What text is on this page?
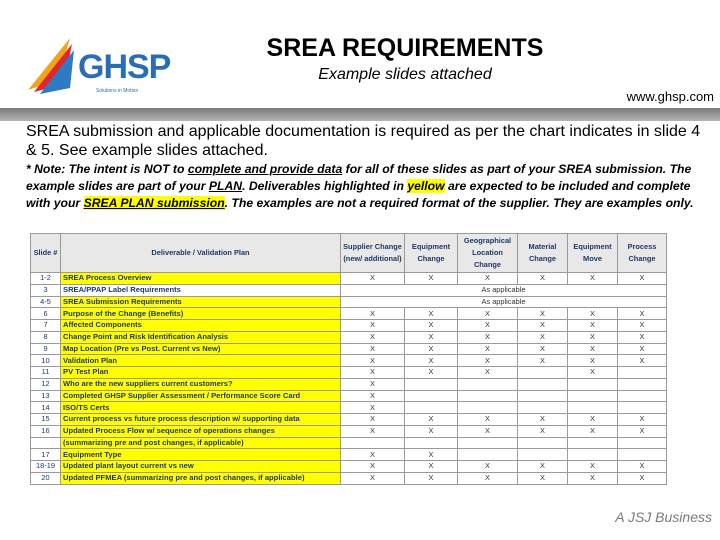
GHSP
Solutions in Motion
SREA REQUIREMENTS
Example slides attached
www.ghsp.com
SREA submission and applicable documentation is required as per the chart indicates in slide 4 & 5. See example slides attached.
* Note: The intent is NOT to complete and provide data for all of these slides as part of your SREA submission. The example slides are part of your PLAN. Deliverables highlighted in yellow are expected to be included and complete with your SREA PLAN submission. The examples are not a required format of the supplier. They are examples only.
Slide #	Deliverable / Validation Plan	Supplier Change (new/ additional)	Equipment Change	Geographical Location Change	Material Change	Equipment Move	Process Change
1-2	SREA Process Overview	X	X	X	X	X	X
3	SREA/PPAP Label Requirements	As applicable					
4-5	SREA Submission Requirements	As applicable					
6	Purpose of the Change (Benefits)	X	X	X	X	X	X
7	Affected Components	X	X	X	X	X	X
8	Change Point and Risk Identification Analysis	X	X	X	X	X	X
9	Map Location (Pre vs Post. Current vs New)	X	X	X	X	X	X
10	Validation Plan	X	X	X	X	X	X
11	PV Test Plan	X	X	X		X	
12	Who are the new suppliers current customers?	X					
13	Completed GHSP Supplier Assessment / Performance Score Card	X					
14	ISO/TS Certs	X					
15	Current process vs future process description w/ supporting data	X	X	X	X	X	X
16	Updated Process Flow w/ sequence of operations changes	X	X	X	X	X	X
	(summarizing pre and post changes, if applicable)						
17	Equipment Type	X	X				
18-19	Updated plant layout current vs new	X	X	X	X	X	X
20	Updated PFMEA (summarizing pre and post changes, if applicable)	X	X	X	X	X	X
A JSJ Business
